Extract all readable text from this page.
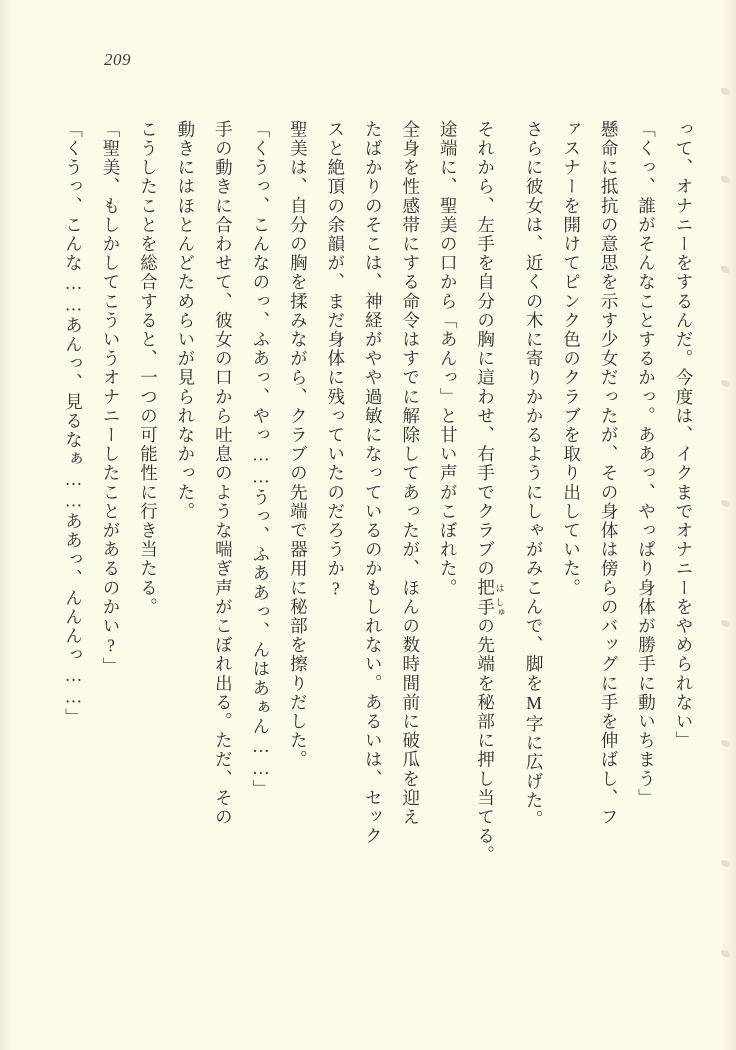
209
って、オナニーをするんだ。今度は、イクまでオナニーをやめられない」
「くっ、誰がそんなことするかっ。ああっ、やっぱり身体が勝手に動いちまう」
懸命に抵抗の意思を示す少女だったが、その身体は傍らのバッグに手を伸ばし、フ
ァスナーを開けてピンク色のクラブを取り出していた。
さらに彼女は、近くの木に寄りかかるようにしゃがみこんで、脚をM字に広げた。
それから、左手を自分の胸に這わせ、右手でクラブの把 は手 しゅの先端を秘部に押し当てる。
途端に、聖美の口から「あんっ」と甘い声がこぼれた。
全身を性感帯にする命令はすでに解除してあったが、ほんの数時間前に破瓜を迎え
たばかりのそこは、神経がやや過敏になっているのかもしれない。あるいは、セック
スと絶頂の余韻が、まだ身体に残っていたのだろうか?
聖美は、自分の胸を揉みながら、クラブの先端で器用に秘部を擦りだした。
「くうっ、こんなのっ、ふあっ、やっ……うっ、ふああっ、んはあぁん……」
手の動きに合わせて、彼女の口から吐息のような喘ぎ声がこぼれ出る。ただ、その
動きにはほとんどためらいが見られなかった。
こうしたことを総合すると、一つの可能性に行き当たる。
「聖美、もしかしてこういうオナニーしたことがあるのかい?」
「くうっ、こんな……あんっ、見るなぁ……ああっ、んんんっ……」
